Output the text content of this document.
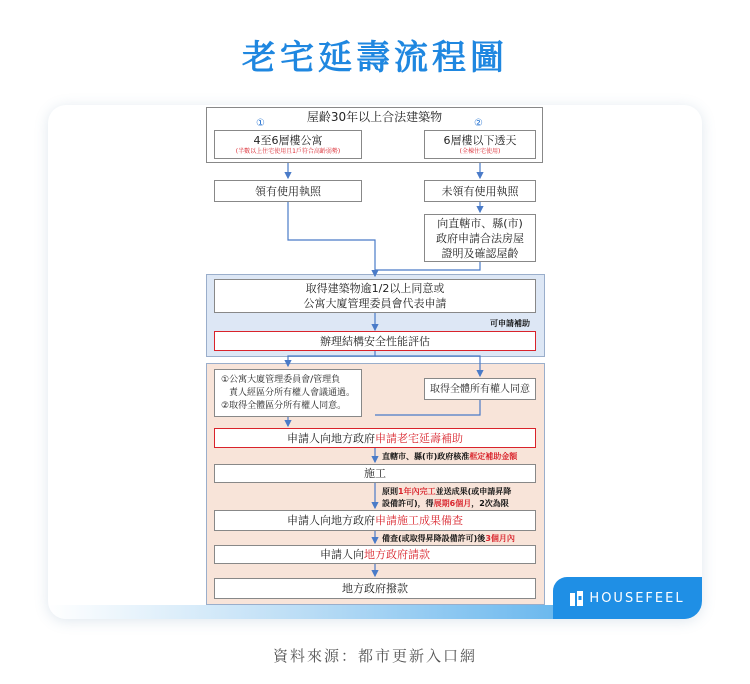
老宅延壽流程圖
屋齡30年以上合法建築物
①	②
4至6層樓公寓
(半數以上住宅使用且1戶符合高齡弱勢)
6層樓以下透天
(全棟住宅使用)
領有使用執照	未領有使用執照
向直轄市、縣(市)
政府申請合法房屋
證明及確認屋齡
取得建築物逾1/2以上同意或
公寓大廈管理委員會代表申請
可申請補助
辦理結構安全性能評估
①公寓大廈管理委員會/管理負
責人經區分所有權人會議通過。
②取得全體區分所有權人同意。
取得全體所有權人同意
申請人向地方政府 申請老宅延壽補助
直轄市、縣(市)政府核准框定補助金額
施工
原則1年內完工並送成果(或申請昇降
設備許可)，得展期6個月，2次為限
申請人向地方政府 申請施工成果備查
備查(或取得昇降設備許可)後3個月內
申請人向 地方政府請款
地方政府撥款
HOUSEFEEL
資料來源：都市更新入口網
